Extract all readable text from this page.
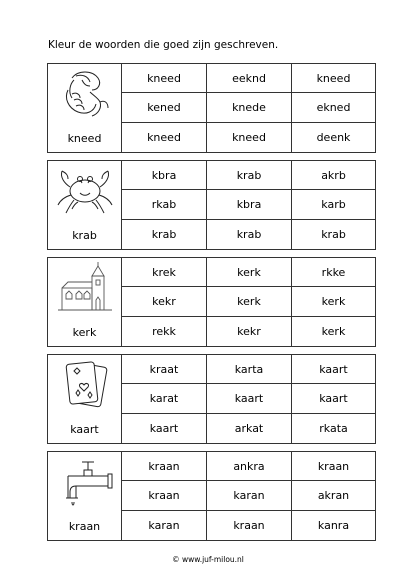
Kleur de woorden die goed zijn geschreven.
kneed
kneed	eeknd	kneed
kened	knede	ekned
kneed	kneed	deenk
krab
kbra	krab	akrb
rkab	kbra	karb
krab	krab	krab
kerk
krek	kerk	rkke
kekr	kerk	kerk
rekk	kekr	kerk
kaart
kraat	karta	kaart
karat	kaart	kaart
kaart	arkat	rkata
kraan
kraan	ankra	kraan
kraan	karan	akran
karan	kraan	kanra
© www.juf-milou.nl
